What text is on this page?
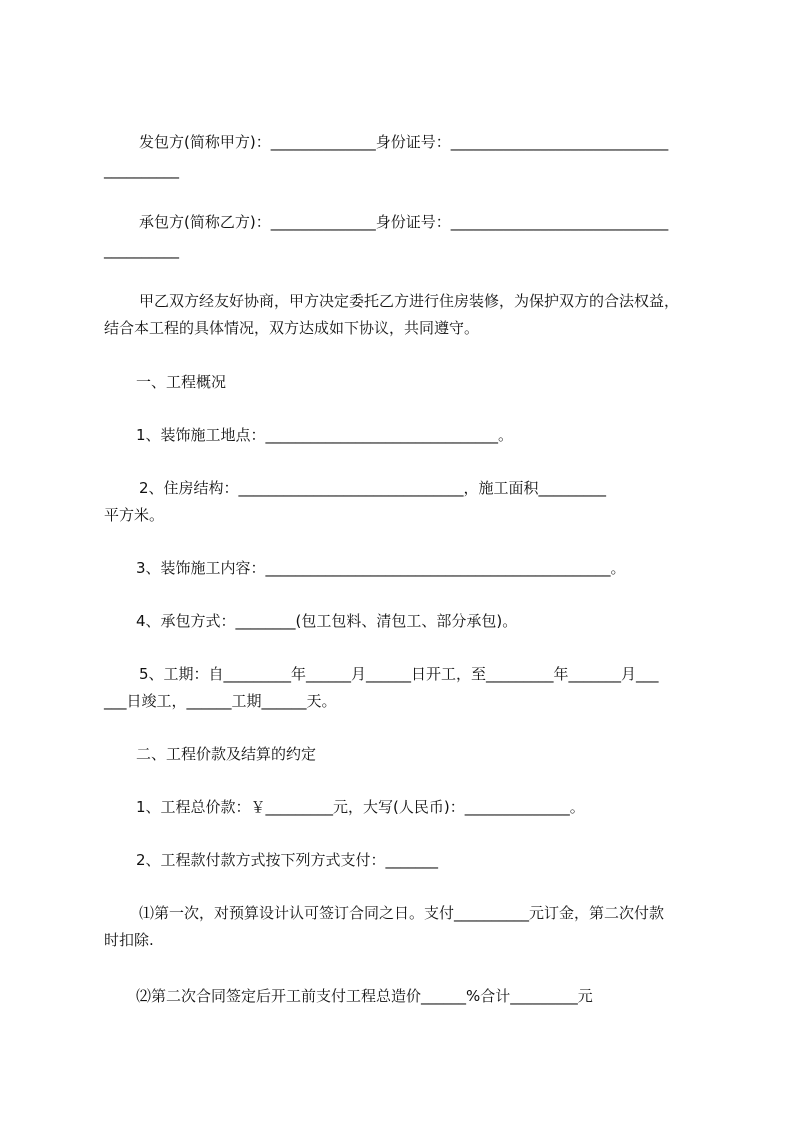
发包方(简称甲方)：______________身份证号：_____________________________

__________

承包方(简称乙方)：______________身份证号：_____________________________

__________

甲乙双方经友好协商，甲方决定委托乙方进行住房装修，为保护双方的合法权益，

结合本工程的具体情况，双方达成如下协议，共同遵守。

一、工程概况

1、装饰施工地点：_______________________________。

2、住房结构：______________________________，施工面积_________

平方米。

3、装饰施工内容：______________________________________________。

4、承包方式：________(包工包料、清包工、部分承包)。

5、工期：自_________年______月______日开工，至_________年_______月___

___日竣工，______工期______天。

二、工程价款及结算的约定

1、工程总价款：￥_________元，大写(人民币)：______________。

2、工程款付款方式按下列方式支付：_______

⑴第一次，对预算设计认可签订合同之日。支付__________元订金，第二次付款

时扣除.

⑵第二次合同签定后开工前支付工程总造价______%合计_________元
